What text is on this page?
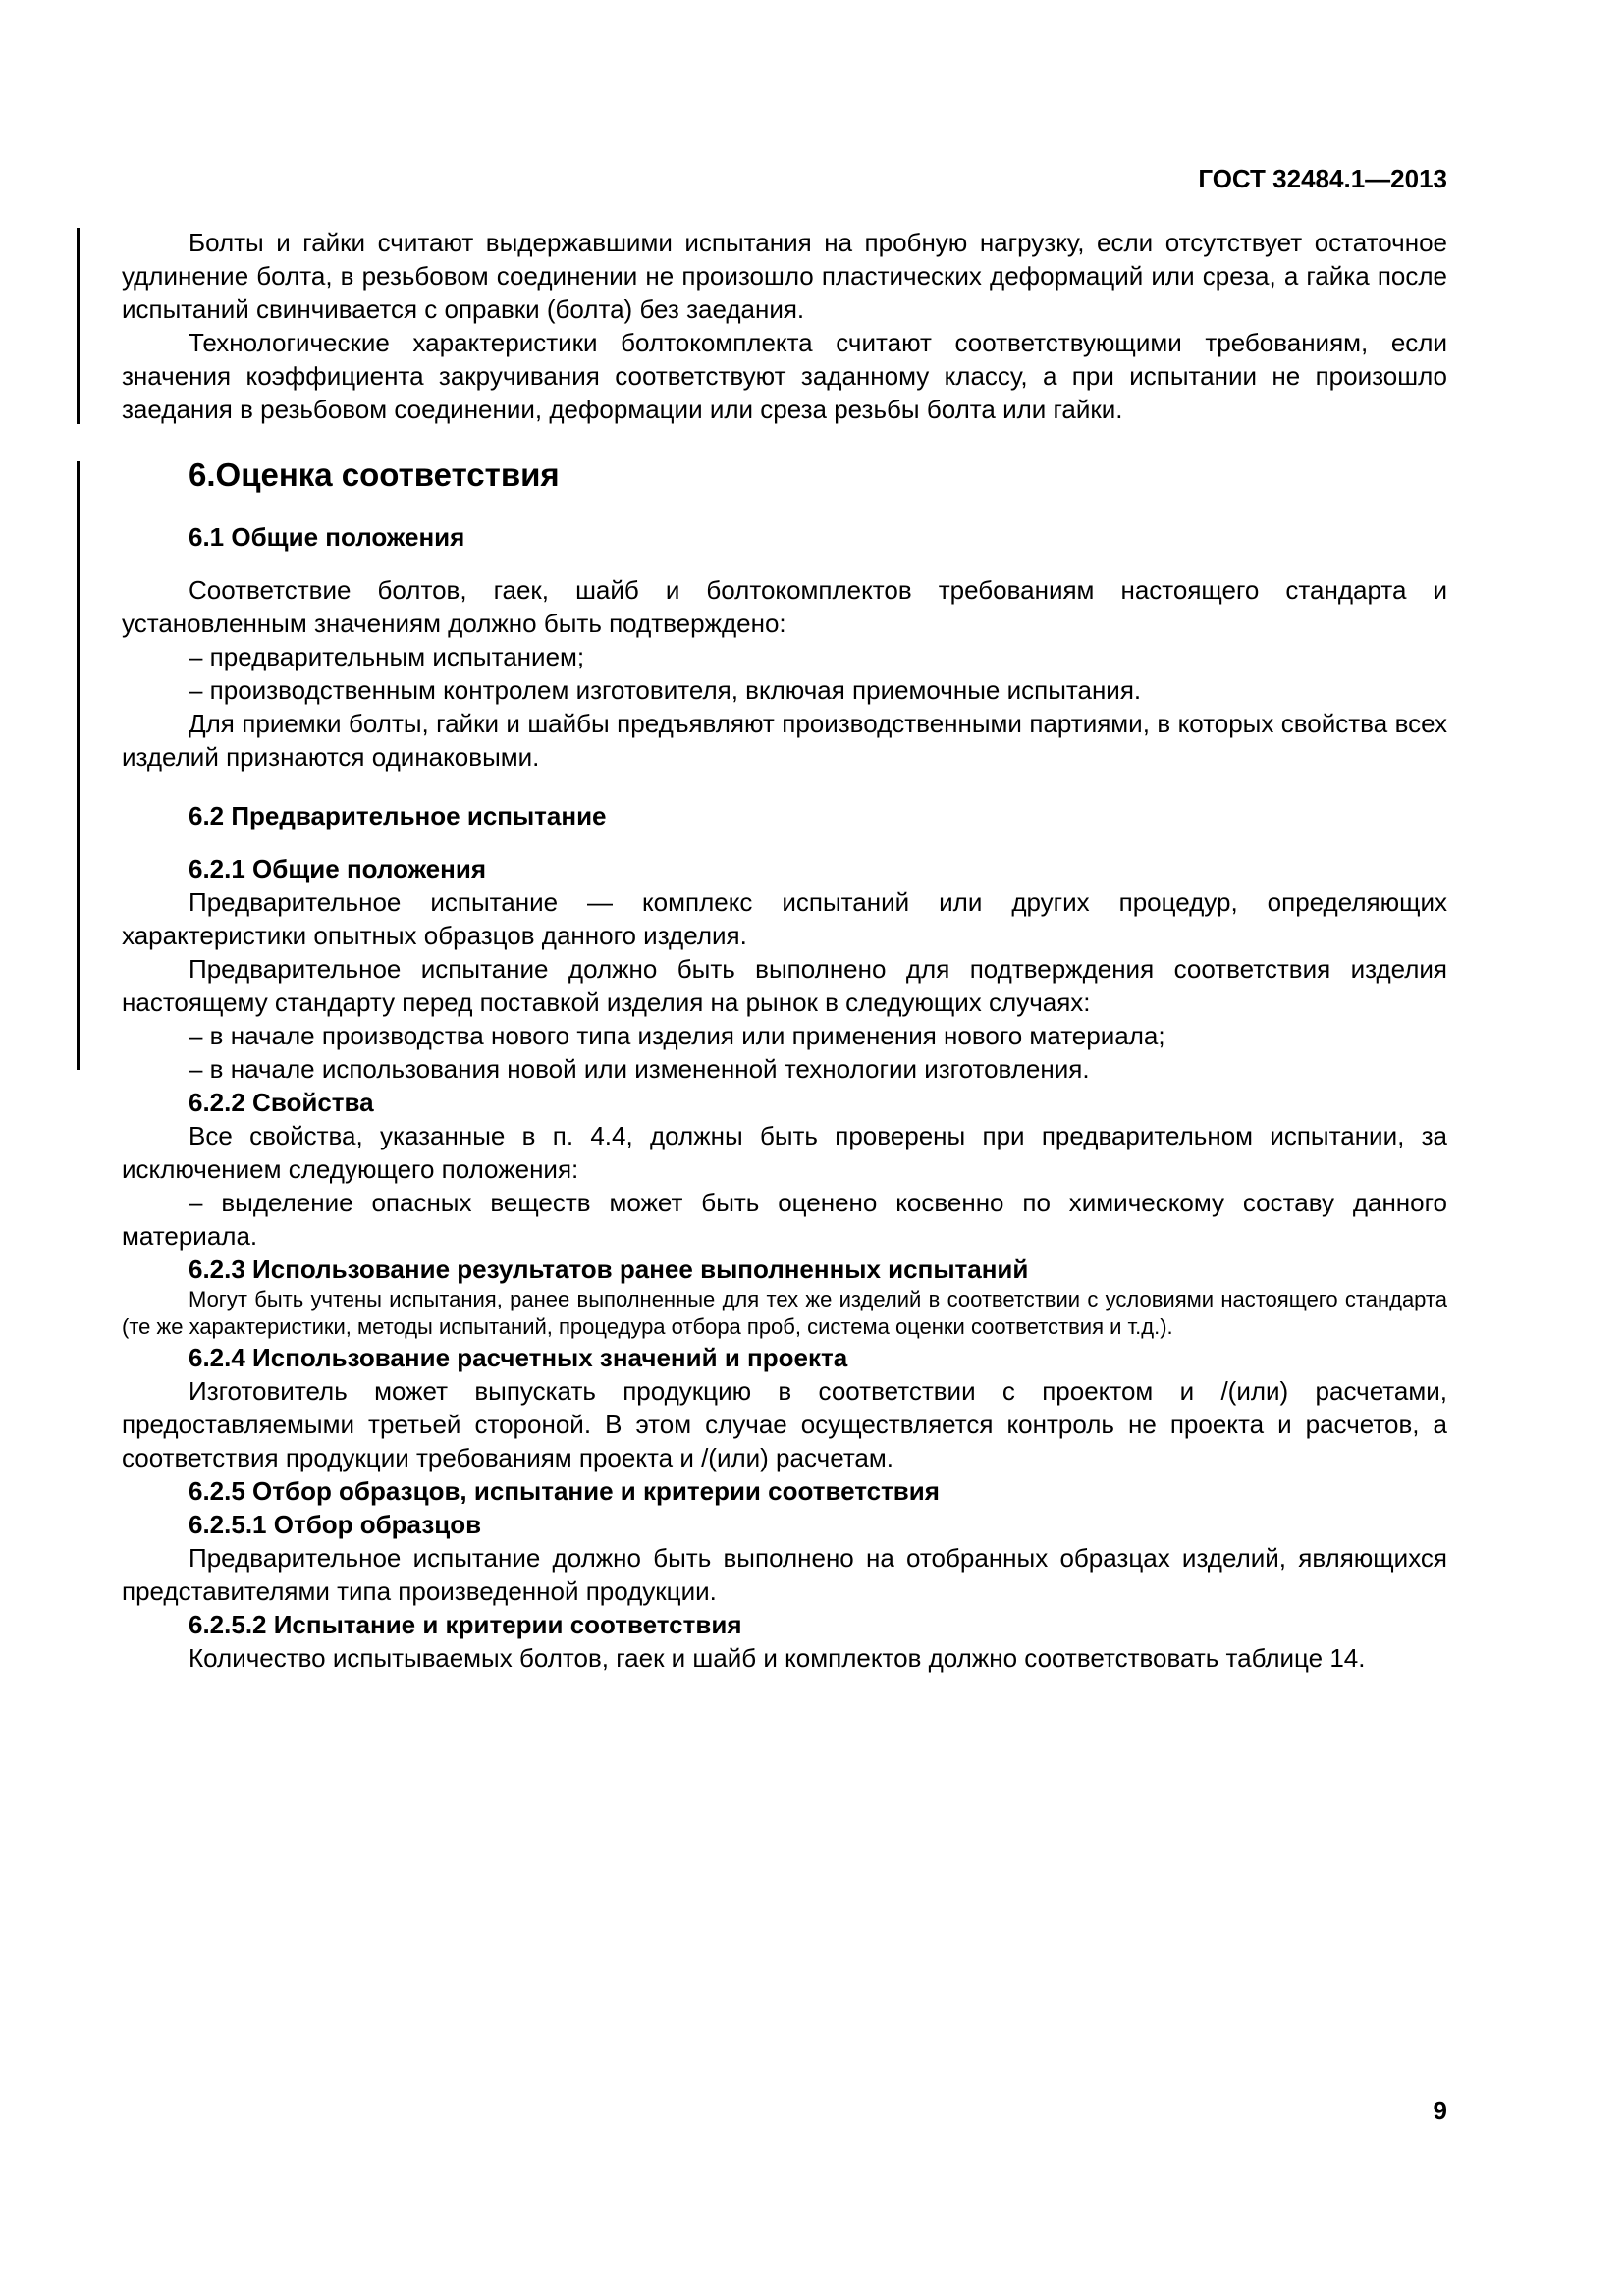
ГОСТ 32484.1—2013

Болты и гайки считают выдержавшими испытания на пробную нагрузку, если отсутствует остаточное удлинение болта, в резьбовом соединении не произошло пластических деформаций или среза, а гайка после испытаний свинчивается с оправки (болта) без заедания.

Технологические характеристики болтокомплекта считают соответствующими требованиям, если значения коэффициента закручивания соответствуют заданному классу, а при испытании не произошло заедания в резьбовом соединении, деформации или среза резьбы болта или гайки.

6.Оценка соответствия
6.1 Общие положения

Соответствие болтов, гаек, шайб и болтокомплектов требованиям настоящего стандарта и установленным значениям должно быть подтверждено:

– предварительным испытанием;

– производственным контролем изготовителя, включая приемочные испытания.

Для приемки болты, гайки и шайбы предъявляют производственными партиями, в которых свойства всех изделий признаются одинаковыми.

6.2 Предварительное испытание
6.2.1 Общие положения

Предварительное испытание — комплекс испытаний или других процедур, определяющих характеристики опытных образцов данного изделия.

Предварительное испытание должно быть выполнено для подтверждения соответствия изделия настоящему стандарту перед поставкой изделия на рынок в следующих случаях:

– в начале производства нового типа изделия или применения нового материала;

– в начале использования новой или измененной технологии изготовления.

6.2.2 Свойства

Все свойства, указанные в п. 4.4, должны быть проверены при предварительном испытании, за исключением следующего положения:

– выделение опасных веществ может быть оценено косвенно по химическому составу данного материала.

6.2.3 Использование результатов ранее выполненных испытаний

Могут быть учтены испытания, ранее выполненные для тех же изделий в соответствии с условиями настоящего стандарта (те же характеристики, методы испытаний, процедура отбора проб, система оценки соответствия и т.д.).

6.2.4 Использование расчетных значений и проекта

Изготовитель может выпускать продукцию в соответствии с проектом и /(или) расчетами, предоставляемыми третьей стороной. В этом случае осуществляется контроль не проекта и расчетов, а соответствия продукции требованиям проекта и /(или) расчетам.

6.2.5 Отбор образцов, испытание и критерии соответствия
6.2.5.1 Отбор образцов

Предварительное испытание должно быть выполнено на отобранных образцах изделий, являющихся представителями типа произведенной продукции.

6.2.5.2 Испытание и критерии соответствия

Количество испытываемых болтов, гаек и шайб и комплектов должно соответствовать таблице 14.

9
